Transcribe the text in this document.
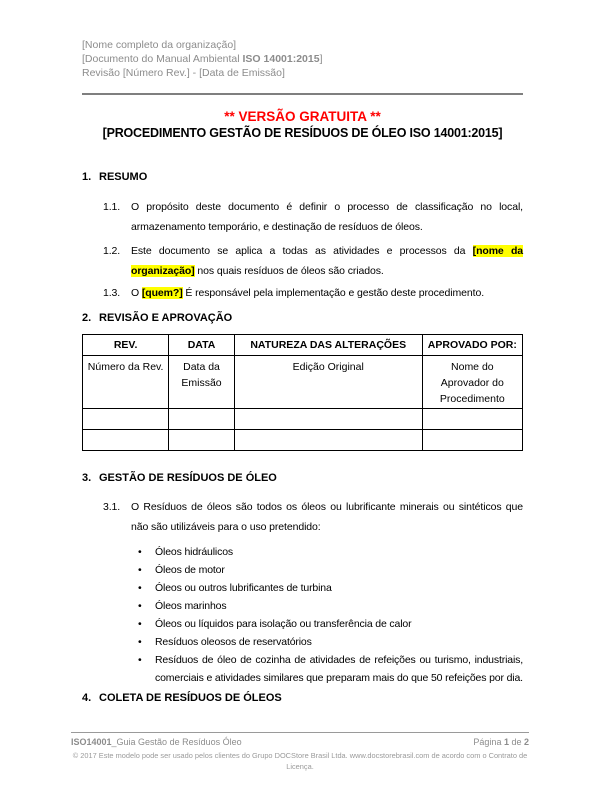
[Nome completo da organização]
[Documento do Manual Ambiental ISO 14001:2015]
Revisão [Número Rev.] - [Data de Emissão]
** VERSÃO GRATUITA **
[PROCEDIMENTO GESTÃO DE RESÍDUOS DE ÓLEO ISO 14001:2015]
1. RESUMO
1.1.	O propósito deste documento é definir o processo de classificação no local, armazenamento temporário, e destinação de resíduos de óleos.
1.2.	Este documento se aplica a todas as atividades e processos da [nome da organização] nos quais resíduos de óleos são criados.
1.3.	O [quem?] É responsável pela implementação e gestão deste procedimento.
2. REVISÃO E APROVAÇÃO
REV.	DATA	NATUREZA DAS ALTERAÇÕES	APROVADO POR:
Número da Rev.	Data da Emissão	Edição Original	Nome do Aprovador do Procedimento

3. GESTÃO DE RESÍDUOS DE ÓLEO
3.1.	O Resíduos de óleos são todos os óleos ou lubrificante minerais ou sintéticos que não são utilizáveis para o uso pretendido:
•	Óleos hidráulicos
•	Óleos de motor
•	Óleos ou outros lubrificantes de turbina
•	Óleos marinhos
•	Óleos ou líquidos para isolação ou transferência de calor
•	Resíduos oleosos de reservatórios
•	Resíduos de óleo de cozinha de atividades de refeições ou turismo, industriais, comerciais e atividades similares que preparam mais do que 50 refeições por dia.
4. COLETA DE RESÍDUOS DE ÓLEOS
ISO14001_Guia Gestão de Resíduos Óleo	Página 1 de 2
© 2017 Este modelo pode ser usado pelos clientes do Grupo DOCStore Brasil Ltda. www.docstorebrasil.com de acordo com o Contrato de Licença.
